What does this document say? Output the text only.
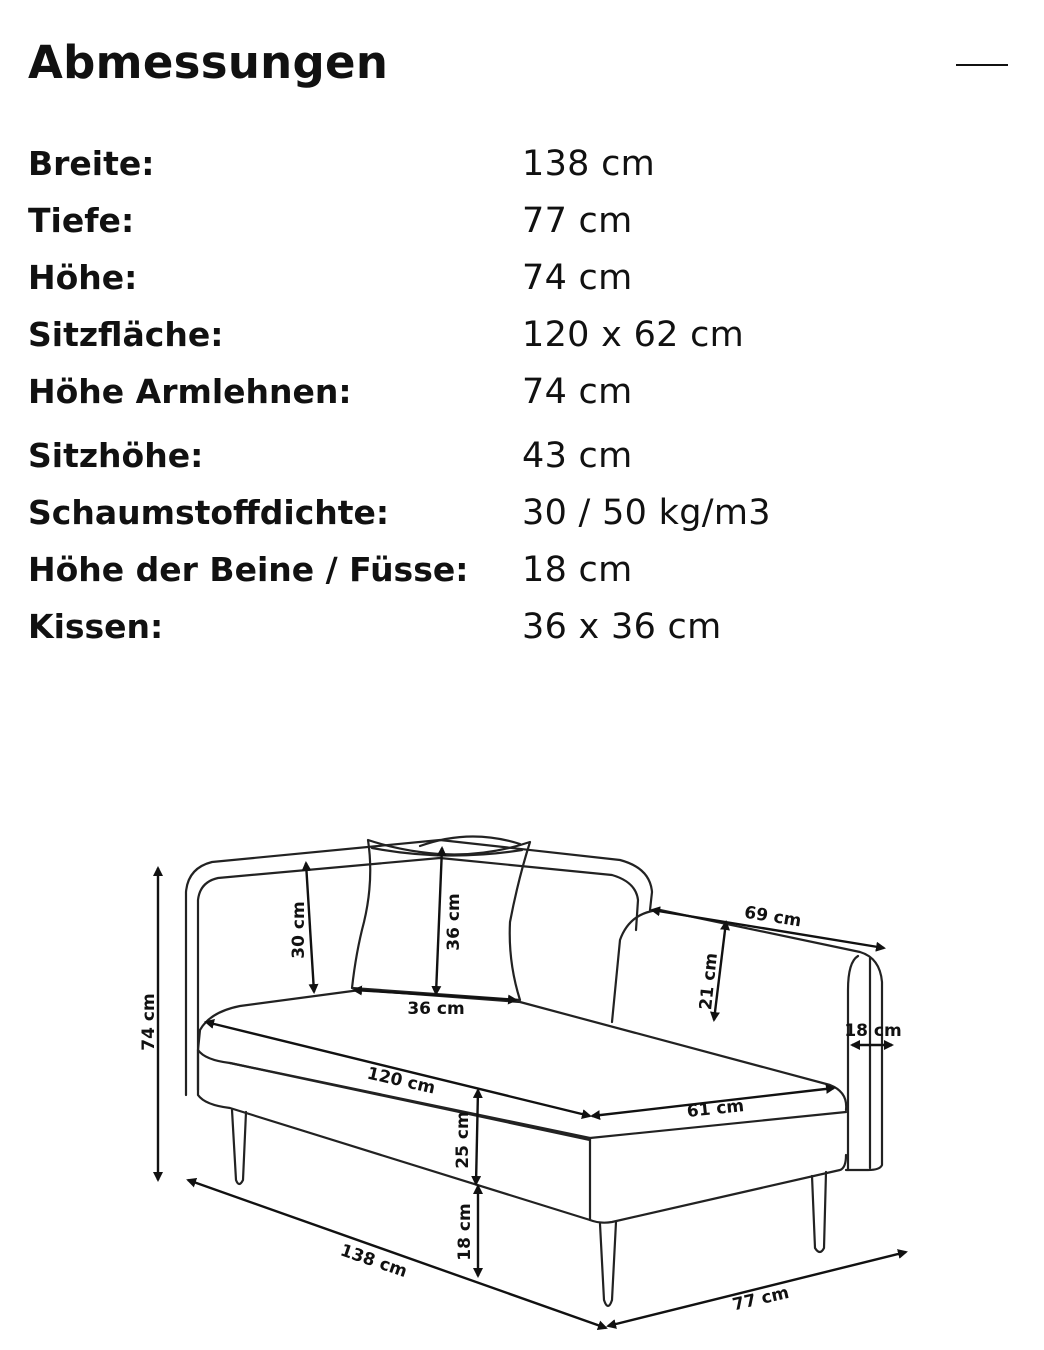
Abmessungen
Breite:	138 cm
Tiefe:	77 cm
Höhe:	74 cm
Sitzfläche:	120 x 62 cm
Höhe Armlehnen:	74 cm
Sitzhöhe:	43 cm
Schaumstoffdichte:	30 / 50 kg/m3
Höhe der Beine / Füsse: 18 cm
Kissen:	36 x 36 cm
74 cm
30 cm	36 cm
36 cm
69 cm
21 cm
18 cm
120 cm
61 cm
25 cm
18 cm
138 cm
77 cm
